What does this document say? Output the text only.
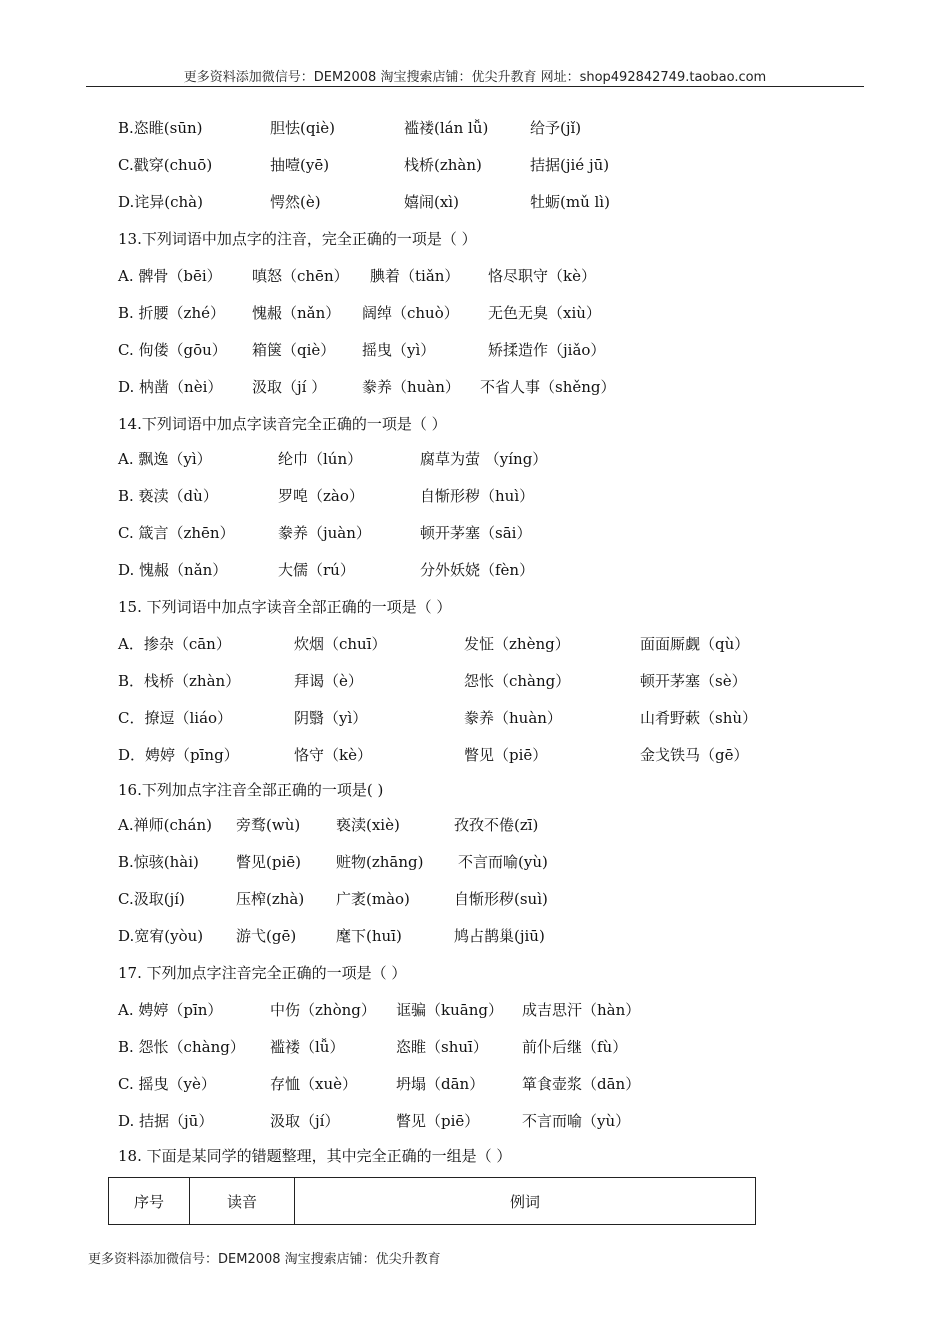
更多资料添加微信号：DEM2008 淘宝搜索店铺：优尖升教育 网址：shop492842749.taobao.com
B.恣睢(sūn)	胆怯(qiè)	褴褛(lán lǚ)	给予(jǐ)
C.戳穿(chuō)	抽噎(yē)	栈桥(zhàn)	拮据(jié jū)
D.诧异(chà)	愕然(è)	嬉闹(xì)	牡蛎(mǔ lì)
13.下列词语中加点字的注音，完全正确的一项是（ ）
A. 髀骨（bēi） 嗔怒（chēn） 腆着（tiǎn） 恪尽职守（kè）
B. 折腰（zhé） 愧赧（nǎn） 阔绰（chuò） 无色无臭（xiù）
C. 佝偻（gōu） 箱箧（qiè） 摇曳（yì）	矫揉造作（jiǎo）
D. 枘凿（nèi） 汲取（jí ） 豢养（huàn） 不省人事（shěng）
14.下列词语中加点字读音完全正确的一项是（ ）
A. 飘逸（yì）	纶巾（lún）	腐草为萤 （yíng）
B. 亵渎（dù）	罗唣（zào）	自惭形秽（huì）
C. 箴言（zhēn）	豢养（juàn）	顿开茅塞（sāi）
D. 愧赧（nǎn）	大儒（rú）	分外妖娆（fèn）
15. 下列词语中加点字读音全部正确的一项是（ ）
A．掺杂（cān）	炊烟（chuī）	发怔（zhèng）	面面厮觑（qù）
B．栈桥（zhàn）	拜谒（è）	怨怅（chàng）	顿开茅塞（sè）
C．撩逗（liáo）	阴翳（yì）	豢养（huàn）	山肴野蔌（shù）
D．娉婷（pīng）	恪守（kè）	瞥见（piē）	金戈铁马（gē）
16.下列加点字注音全部正确的一项是( )
A.禅师(chán) 旁骛(wù) 亵渎(xiè)	孜孜不倦(zī)
B.惊骇(hài) 瞥见(piē) 赃物(zhāng) 不言而喻(yù)
C.汲取(jí)	压榨(zhà) 广袤(mào)	自惭形秽(suì)
D.宽宥(yòu) 游弋(gē)	麾下(huī)	鸠占鹊巢(jiū)
17. 下列加点字注音完全正确的一项是（ ）
A. 娉婷（pīn）	中伤（zhòng） 诓骗（kuāng） 成吉思汗（hàn）
B. 怨怅（chàng） 褴褛（lǚ）	恣睢（shuī） 前仆后继（fù）
C. 摇曳（yè）	存恤（xuè）	坍塌（dān）	箪食壶浆（dān）
D. 拮据（jū）	汲取（jí）	瞥见（piē）	不言而喻（yù）
18. 下面是某同学的错题整理，其中完全正确的一组是（ ）
序号	读音	例词
更多资料添加微信号：DEM2008 淘宝搜索店铺：优尖升教育
